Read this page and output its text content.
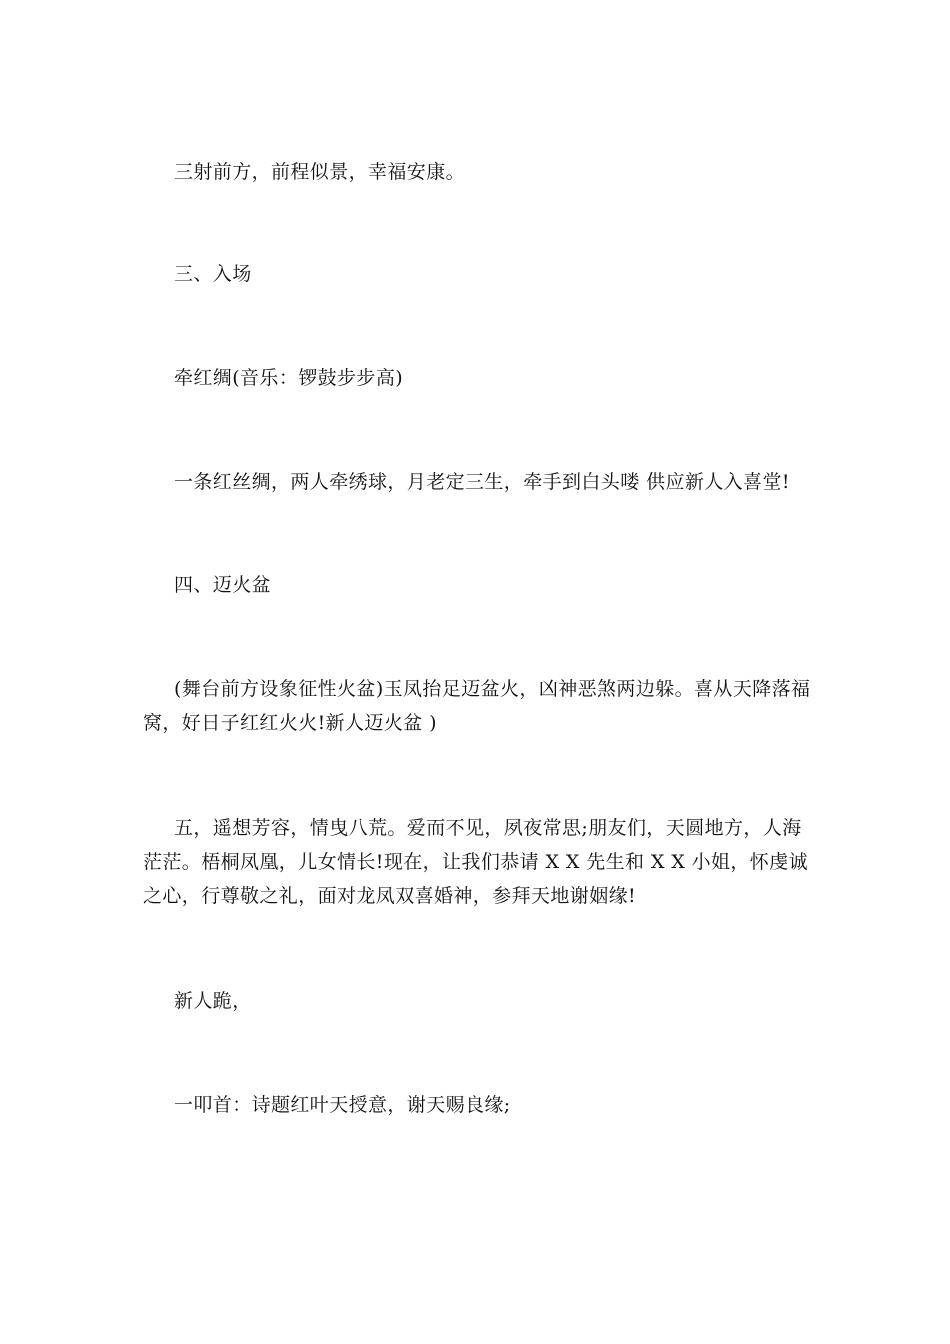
三射前方，前程似景，幸福安康。

三、入场

牵红绸(音乐：锣鼓步步高)

一条红丝绸，两人牵绣球，月老定三生，牵手到白头喽 供应新人入喜堂!

四、迈火盆

(舞台前方设象征性火盆)玉凤抬足迈盆火，凶神恶煞两边躲。喜从天降落福
窝，好日子红红火火!新人迈火盆 )

五，遥想芳容，情曳八荒。爱而不见，夙夜常思;朋友们，天圆地方，人海
茫茫。梧桐凤凰，儿女情长!现在，让我们恭请 X X 先生和 X X 小姐，怀虔诚
之心，行尊敬之礼，面对龙凤双喜婚神，参拜天地谢姻缘!

新人跪，

一叩首：诗题红叶天授意，谢天赐良缘;
